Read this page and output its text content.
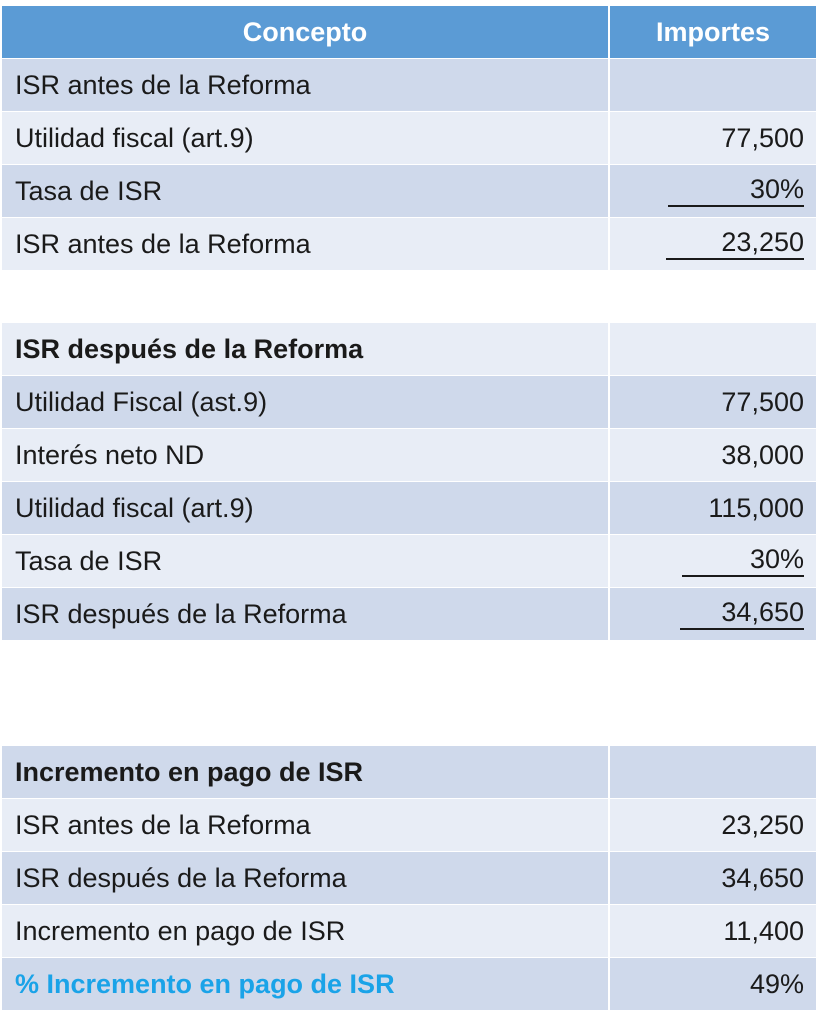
Concepto	Importes
ISR antes de la Reforma
Utilidad fiscal (art.9)	77,500
Tasa de ISR	30%
ISR antes de la Reforma	23,250
ISR después de la Reforma
Utilidad Fiscal (ast.9)	77,500
Interés neto ND	38,000
Utilidad fiscal (art.9)	115,000
Tasa de ISR	30%
ISR después de la Reforma	34,650
Incremento en pago de ISR
ISR antes de la Reforma	23,250
ISR después de la Reforma	34,650
Incremento en pago de ISR	11,400
% Incremento en pago de ISR	49%
